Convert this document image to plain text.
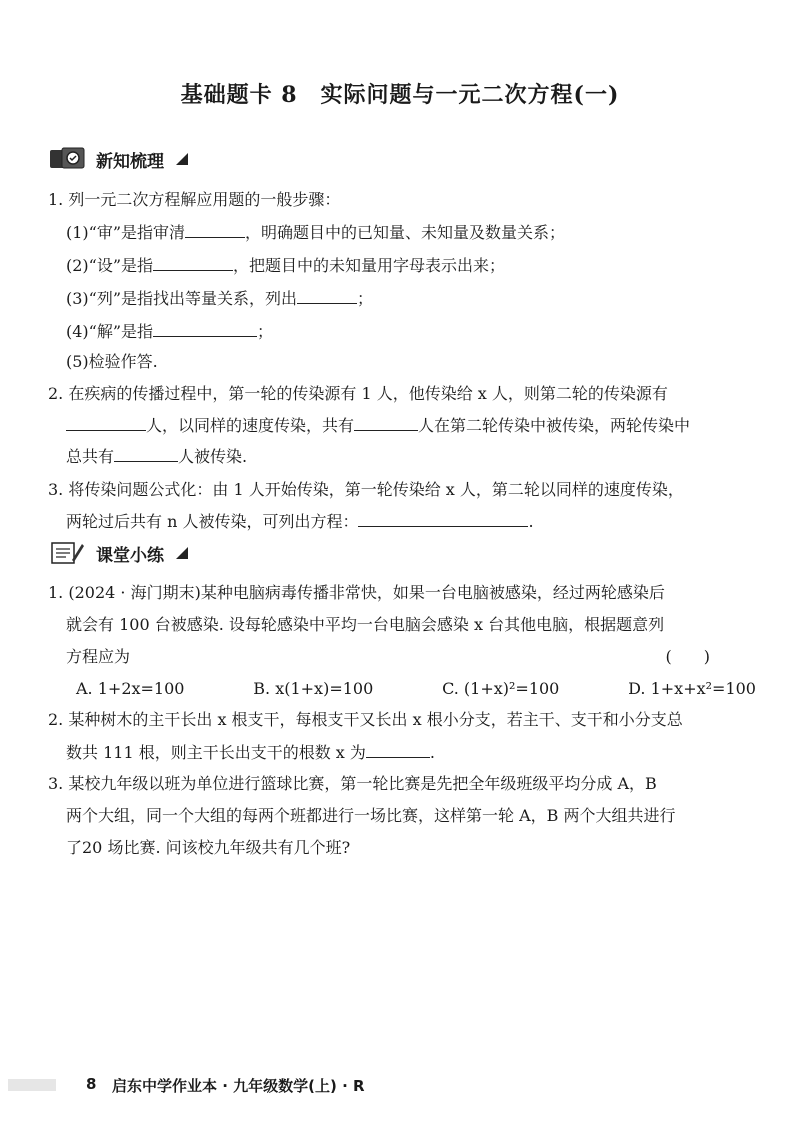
基础题卡 8　实际问题与一元二次方程(一)
新知梳理
1. 列一元二次方程解应用题的一般步骤：
(1)“审”是指审清	，明确题目中的已知量、未知量及数量关系；
(2)“设”是指	，把题目中的未知量用字母表示出来；
(3)“列”是指找出等量关系，列出	；
(4)“解”是指	；
(5)检验作答.
2. 在疾病的传播过程中，第一轮的传染源有 1 人，他传染给 x 人，则第二轮的传染源有
人，以同样的速度传染，共有	人在第二轮传染中被传染，两轮传染中
总共有	人被传染.
3. 将传染问题公式化：由 1 人开始传染，第一轮传染给 x 人，第二轮以同样的速度传染，
两轮过后共有 n 人被传染，可列出方程：	.
课堂小练
1. (2024 · 海门期末)某种电脑病毒传播非常快，如果一台电脑被感染，经过两轮感染后
就会有 100 台被感染. 设每轮感染中平均一台电脑会感染 x 台其他电脑，根据题意列
方程应为	(　　)
A. 1+2x=100	B. x(1+x)=100	C. (1+x)²=100	D. 1+x+x²=100
2. 某种树木的主干长出 x 根支干，每根支干又长出 x 根小分支，若主干、支干和小分支总
数共 111 根，则主干长出支干的根数 x 为	.
3. 某校九年级以班为单位进行篮球比赛，第一轮比赛是先把全年级班级平均分成 A，B
两个大组，同一个大组的每两个班都进行一场比赛，这样第一轮 A，B 两个大组共进行
了20 场比赛. 问该校九年级共有几个班?
8 启东中学作业本 · 九年级数学(上) · R
